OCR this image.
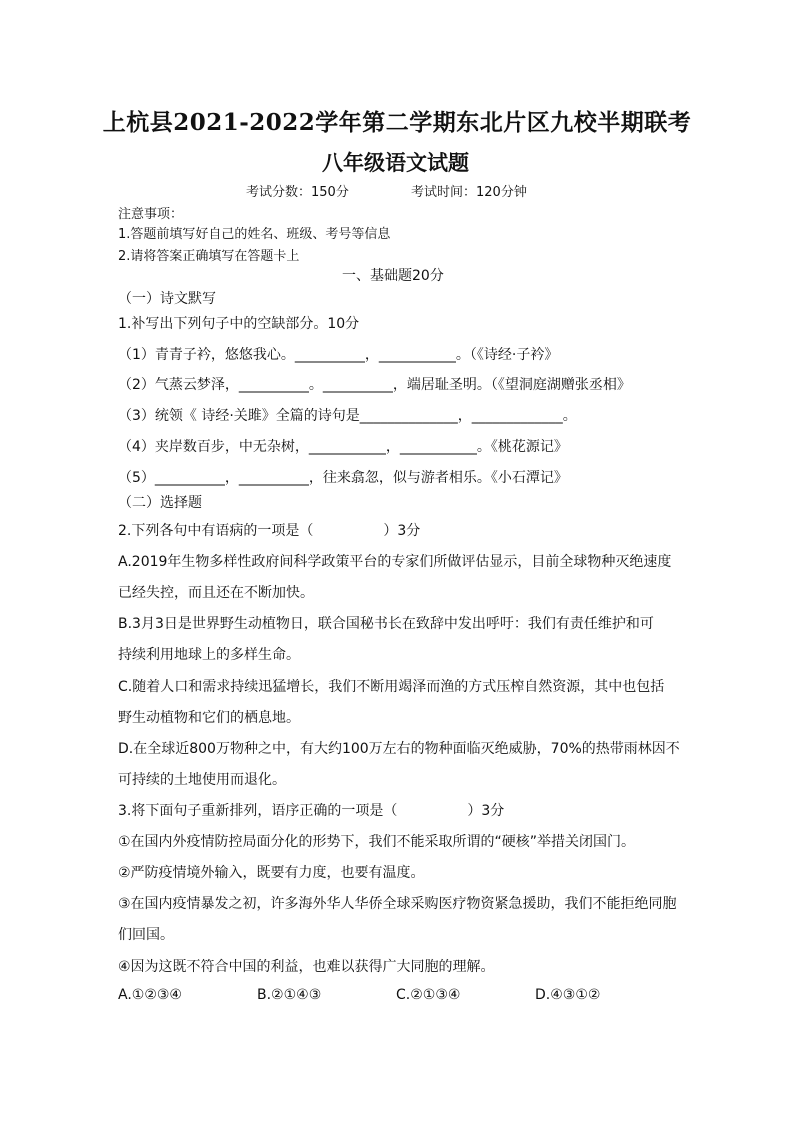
上杭县2021-2022学年第二学期东北片区九校半期联考
八年级语文试题
考试分数：150分	考试时间：120分钟
注意事项：
1.答题前填写好自己的姓名、班级、考号等信息
2.请将答案正确填写在答题卡上
一、基础题20分
（一）诗文默写
1.补写出下列句子中的空缺部分。10分
（1）青青子衿，悠悠我心。__________，___________。（《诗经·子衿》
（2）气蒸云梦泽，__________。__________，端居耻圣明。（《望洞庭湖赠张丞相》
（3）统领《 诗经·关雎》全篇的诗句是______________，_____________。
（4）夹岸数百步，中无杂树，___________，___________。《桃花源记》
（5）__________，__________，往来翕忽，似与游者相乐。《小石潭记》
（二）选择题
2.下列各句中有语病的一项是（　　　　　）3分
A.2019年生物多样性政府间科学政策平台的专家们所做评估显示，目前全球物种灭绝速度
已经失控，而且还在不断加快。
B.3月3日是世界野生动植物日，联合国秘书长在致辞中发出呼吁：我们有责任维护和可
持续利用地球上的多样生命。
C.随着人口和需求持续迅猛增长，我们不断用竭泽而渔的方式压榨自然资源，其中也包括
野生动植物和它们的栖息地。
D.在全球近800万物种之中，有大约100万左右的物种面临灭绝威胁，70%的热带雨林因不
可持续的土地使用而退化。
3.将下面句子重新排列，语序正确的一项是（　　　　　）3分
①在国内外疫情防控局面分化的形势下，我们不能采取所谓的“硬核”举措关闭国门。
②严防疫情境外输入，既要有力度，也要有温度。
③在国内疫情暴发之初，许多海外华人华侨全球采购医疗物资紧急援助，我们不能拒绝同胞
们回国。
④因为这既不符合中国的利益，也难以获得广大同胞的理解。
A.①②③④	B.②①④③	C.②①③④	D.④③①②
